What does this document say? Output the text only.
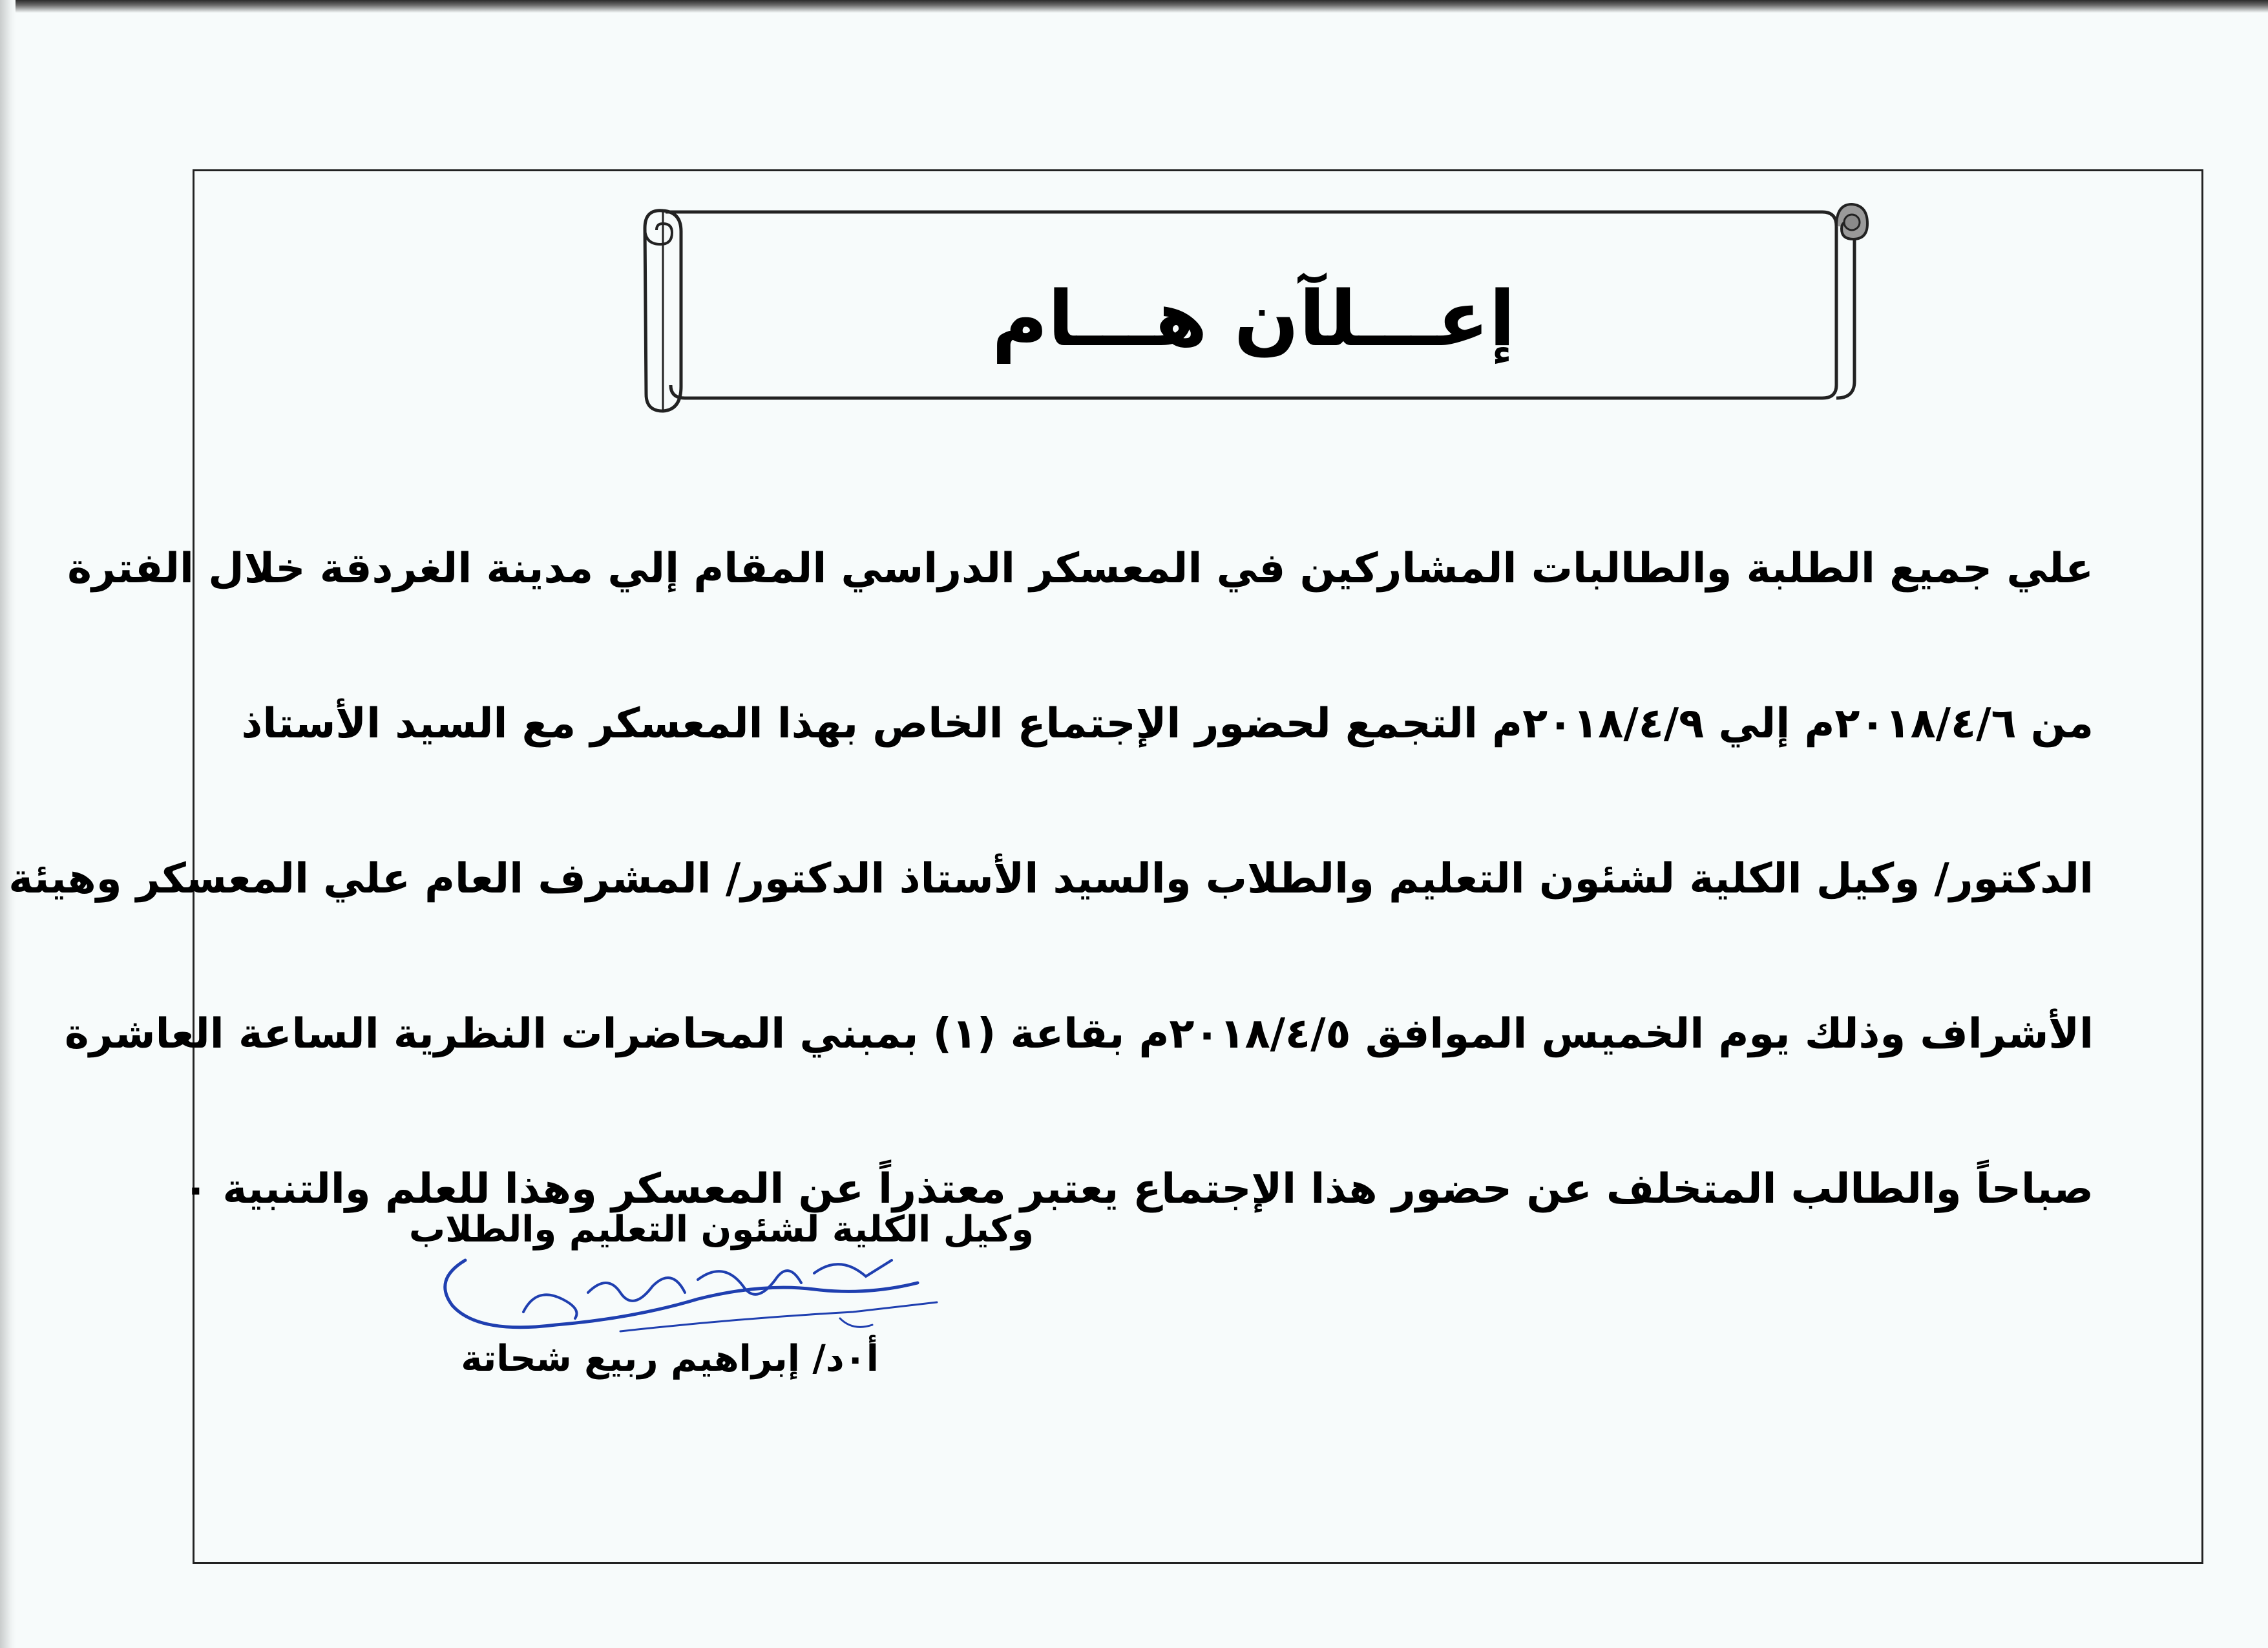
إعـــلآن هـــام
علي جميع الطلبة والطالبات المشاركين في المعسكر الدراسي المقام إلي مدينة الغردقة خلال الفترة
من ٢٠١٨/٤/٦م إلي ٢٠١٨/٤/٩م التجمع لحضور الإجتماع الخاص بهذا المعسكر مع السيد الأستاذ
الدكتور/ وكيل الكلية لشئون التعليم والطلاب والسيد الأستاذ الدكتور/ المشرف العام علي المعسكر وهيئة
الأشراف وذلك يوم الخميس الموافق ٢٠١٨/٤/٥م بقاعة (١) بمبني المحاضرات النظرية الساعة العاشرة
صباحاً والطالب المتخلف عن حضور هذا الإجتماع يعتبر معتذراً عن المعسكر وهذا للعلم والتنبية ٠
وكيل الكلية لشئون التعليم والطلاب
أ٠د/ إبراهيم ربيع شحاتة
